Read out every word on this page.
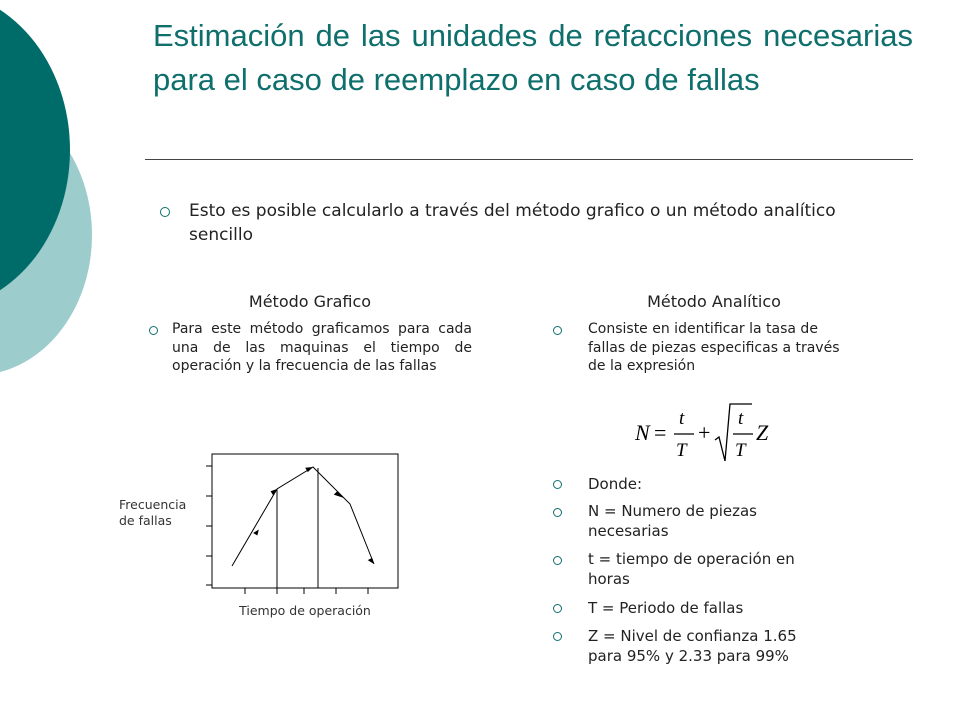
Estimación de las unidades de refacciones necesarias para el caso de reemplazo en caso de fallas
Esto es posible calcularlo a través del método grafico o un método analítico sencillo
Método Grafico
Para este método graficamos para cada una de las maquinas el tiempo de operación y la frecuencia de las fallas
Frecuencia
de fallas
Tiempo de operación
Método Analítico
Consiste en identificar la tasa de fallas de piezas especificas a través de la expresión
N =
t
T
+
t
T
Z
Donde:
N = Numero de piezas
necesarias
t = tiempo de operación en
horas
T = Periodo de fallas
Z = Nivel de confianza 1.65
para 95% y 2.33 para 99%
